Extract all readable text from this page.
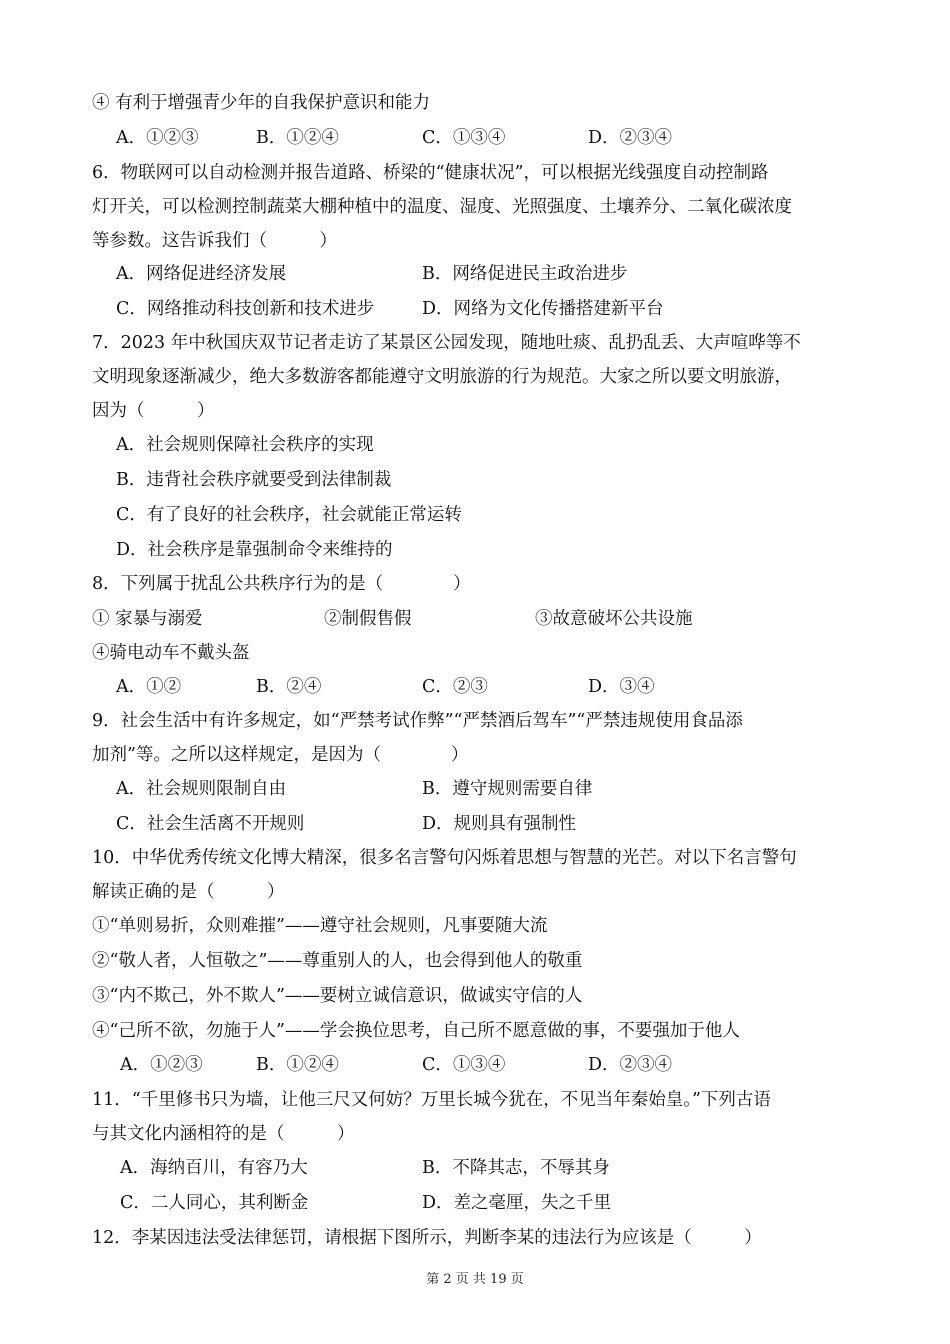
④ 有利于增强青少年的自我保护意识和能力
A．①②③	B．①②④	C．①③④	D．②③④
6．物联网可以自动检测并报告道路、桥梁的“健康状况”，可以根据光线强度自动控制路
灯开关，可以检测控制蔬菜大棚种植中的温度、湿度、光照强度、土壤养分、二氧化碳浓度
等参数。这告诉我们（　　　）
A．网络促进经济发展	B．网络促进民主政治进步
C．网络推动科技创新和技术进步	D．网络为文化传播搭建新平台
7．2023 年中秋国庆双节记者走访了某景区公园发现，随地吐痰、乱扔乱丢、大声喧哗等不
文明现象逐渐减少，绝大多数游客都能遵守文明旅游的行为规范。大家之所以要文明旅游，
因为（　　　）
A．社会规则保障社会秩序的实现
B．违背社会秩序就要受到法律制裁
C．有了良好的社会秩序，社会就能正常运转
D．社会秩序是靠强制命令来维持的
8．下列属于扰乱公共秩序行为的是（　　　　）
① 家暴与溺爱	②制假售假	③故意破坏公共设施
④骑电动车不戴头盔
A．①②	B．②④	C．②③	D．③④
9．社会生活中有许多规定，如“严禁考试作弊”“严禁酒后驾车”“严禁违规使用食品添
加剂”等。之所以这样规定，是因为（　　　　）
A．社会规则限制自由	B．遵守规则需要自律
C．社会生活离不开规则	D．规则具有强制性
10．中华优秀传统文化博大精深，很多名言警句闪烁着思想与智慧的光芒。对以下名言警句
解读正确的是（　　　）
①“单则易折，众则难摧”——遵守社会规则，凡事要随大流
②“敬人者，人恒敬之”——尊重别人的人，也会得到他人的敬重
③“内不欺己，外不欺人”——要树立诚信意识，做诚实守信的人
④“己所不欲，勿施于人”——学会换位思考，自己所不愿意做的事，不要强加于他人
A．①②③	B．①②④	C．①③④	D．②③④
11．“千里修书只为墙，让他三尺又何妨？万里长城今犹在，不见当年秦始皇。”下列古语
与其文化内涵相符的是（　　　）
A．海纳百川，有容乃大	B．不降其志，不辱其身
C．二人同心，其利断金	D．差之毫厘，失之千里
12．李某因违法受法律惩罚，请根据下图所示，判断李某的违法行为应该是（　　　）
第 2 页 共 19 页
